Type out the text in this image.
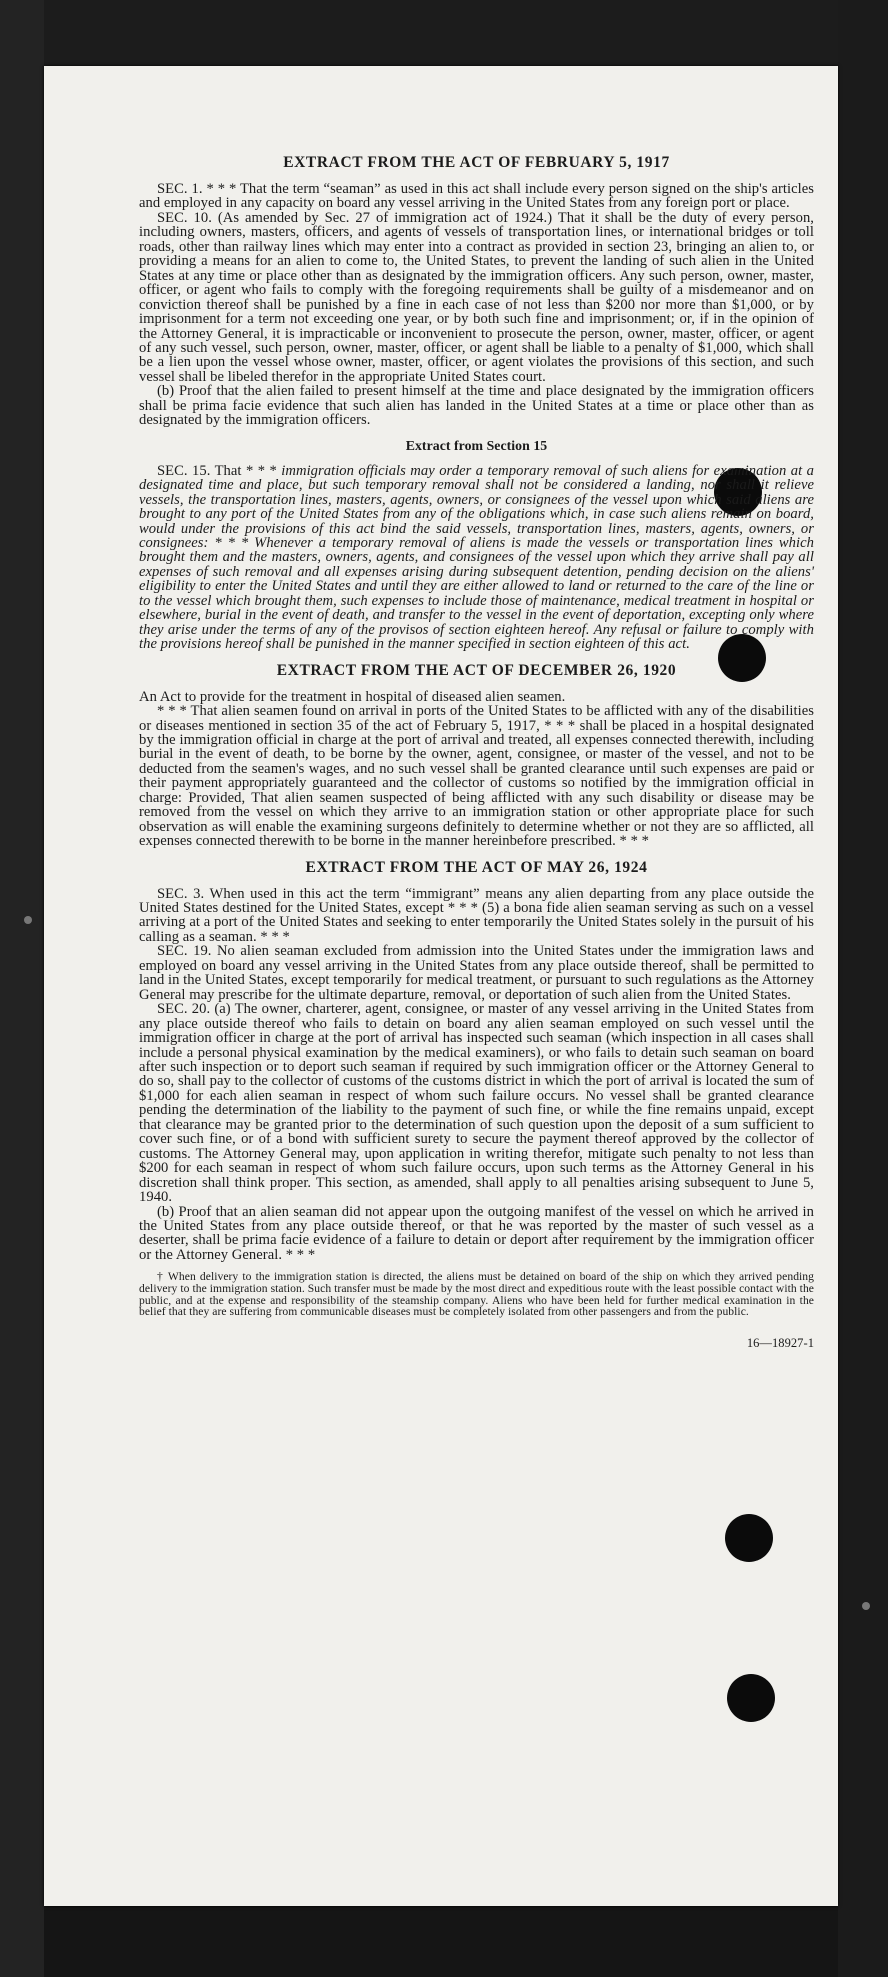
EXTRACT FROM THE ACT OF FEBRUARY 5, 1917

SEC. 1. * * * That the term “seaman” as used in this act shall include every person signed on the ship's articles and employed in any capacity on board any vessel arriving in the United States from any foreign port or place.

SEC. 10. (As amended by Sec. 27 of immigration act of 1924.) That it shall be the duty of every person, including owners, masters, officers, and agents of vessels of transportation lines, or international bridges or toll roads, other than railway lines which may enter into a contract as provided in section 23, bringing an alien to, or providing a means for an alien to come to, the United States, to prevent the landing of such alien in the United States at any time or place other than as designated by the immigration officers. Any such person, owner, master, officer, or agent who fails to comply with the foregoing requirements shall be guilty of a misdemeanor and on conviction thereof shall be punished by a fine in each case of not less than $200 nor more than $1,000, or by imprisonment for a term not exceeding one year, or by both such fine and imprisonment; or, if in the opinion of the Attorney General, it is impracticable or inconvenient to prosecute the person, owner, master, officer, or agent of any such vessel, such person, owner, master, officer, or agent shall be liable to a penalty of $1,000, which shall be a lien upon the vessel whose owner, master, officer, or agent violates the provisions of this section, and such vessel shall be libeled therefor in the appropriate United States court.

(b) Proof that the alien failed to present himself at the time and place designated by the immigration officers shall be prima facie evidence that such alien has landed in the United States at a time or place other than as designated by the immigration officers.

Extract from Section 15

SEC. 15. That * * * immigration officials may order a temporary removal of such aliens for examination at a designated time and place, but such temporary removal shall not be considered a landing, nor shall it relieve vessels, the transportation lines, masters, agents, owners, or consignees of the vessel upon which said aliens are brought to any port of the United States from any of the obligations which, in case such aliens remain on board, would under the provisions of this act bind the said vessels, transportation lines, masters, agents, owners, or consignees: * * * Whenever a temporary removal of aliens is made the vessels or transportation lines which brought them and the masters, owners, agents, and consignees of the vessel upon which they arrive shall pay all expenses of such removal and all expenses arising during subsequent detention, pending decision on the aliens' eligibility to enter the United States and until they are either allowed to land or returned to the care of the line or to the vessel which brought them, such expenses to include those of maintenance, medical treatment in hospital or elsewhere, burial in the event of death, and transfer to the vessel in the event of deportation, excepting only where they arise under the terms of any of the provisos of section eighteen hereof. Any refusal or failure to comply with the provisions hereof shall be punished in the manner specified in section eighteen of this act.

EXTRACT FROM THE ACT OF DECEMBER 26, 1920

An Act to provide for the treatment in hospital of diseased alien seamen.

* * * That alien seamen found on arrival in ports of the United States to be afflicted with any of the disabilities or diseases mentioned in section 35 of the act of February 5, 1917, * * * shall be placed in a hospital designated by the immigration official in charge at the port of arrival and treated, all expenses connected therewith, including burial in the event of death, to be borne by the owner, agent, consignee, or master of the vessel, and not to be deducted from the seamen's wages, and no such vessel shall be granted clearance until such expenses are paid or their payment appropriately guaranteed and the collector of customs so notified by the immigration official in charge: Provided, That alien seamen suspected of being afflicted with any such disability or disease may be removed from the vessel on which they arrive to an immigration station or other appropriate place for such observation as will enable the examining surgeons definitely to determine whether or not they are so afflicted, all expenses connected therewith to be borne in the manner hereinbefore prescribed. * * *

EXTRACT FROM THE ACT OF MAY 26, 1924

SEC. 3. When used in this act the term “immigrant” means any alien departing from any place outside the United States destined for the United States, except * * * (5) a bona fide alien seaman serving as such on a vessel arriving at a port of the United States and seeking to enter temporarily the United States solely in the pursuit of his calling as a seaman. * * *

SEC. 19. No alien seaman excluded from admission into the United States under the immigration laws and employed on board any vessel arriving in the United States from any place outside thereof, shall be permitted to land in the United States, except temporarily for medical treatment, or pursuant to such regulations as the Attorney General may prescribe for the ultimate departure, removal, or deportation of such alien from the United States.

SEC. 20. (a) The owner, charterer, agent, consignee, or master of any vessel arriving in the United States from any place outside thereof who fails to detain on board any alien seaman employed on such vessel until the immigration officer in charge at the port of arrival has inspected such seaman (which inspection in all cases shall include a personal physical examination by the medical examiners), or who fails to detain such seaman on board after such inspection or to deport such seaman if required by such immigration officer or the Attorney General to do so, shall pay to the collector of customs of the customs district in which the port of arrival is located the sum of $1,000 for each alien seaman in respect of whom such failure occurs. No vessel shall be granted clearance pending the determination of the liability to the payment of such fine, or while the fine remains unpaid, except that clearance may be granted prior to the determination of such question upon the deposit of a sum sufficient to cover such fine, or of a bond with sufficient surety to secure the payment thereof approved by the collector of customs. The Attorney General may, upon application in writing therefor, mitigate such penalty to not less than $200 for each seaman in respect of whom such failure occurs, upon such terms as the Attorney General in his discretion shall think proper. This section, as amended, shall apply to all penalties arising subsequent to June 5, 1940.

(b) Proof that an alien seaman did not appear upon the outgoing manifest of the vessel on which he arrived in the United States from any place outside thereof, or that he was reported by the master of such vessel as a deserter, shall be prima facie evidence of a failure to detain or deport after requirement by the immigration officer or the Attorney General. * * *

† When delivery to the immigration station is directed, the aliens must be detained on board of the ship on which they arrived pending delivery to the immigration station. Such transfer must be made by the most direct and expeditious route with the least possible contact with the public, and at the expense and responsibility of the steamship company. Aliens who have been held for further medical examination in the belief that they are suffering from communicable diseases must be completely isolated from other passengers and from the public.

16—18927-1
